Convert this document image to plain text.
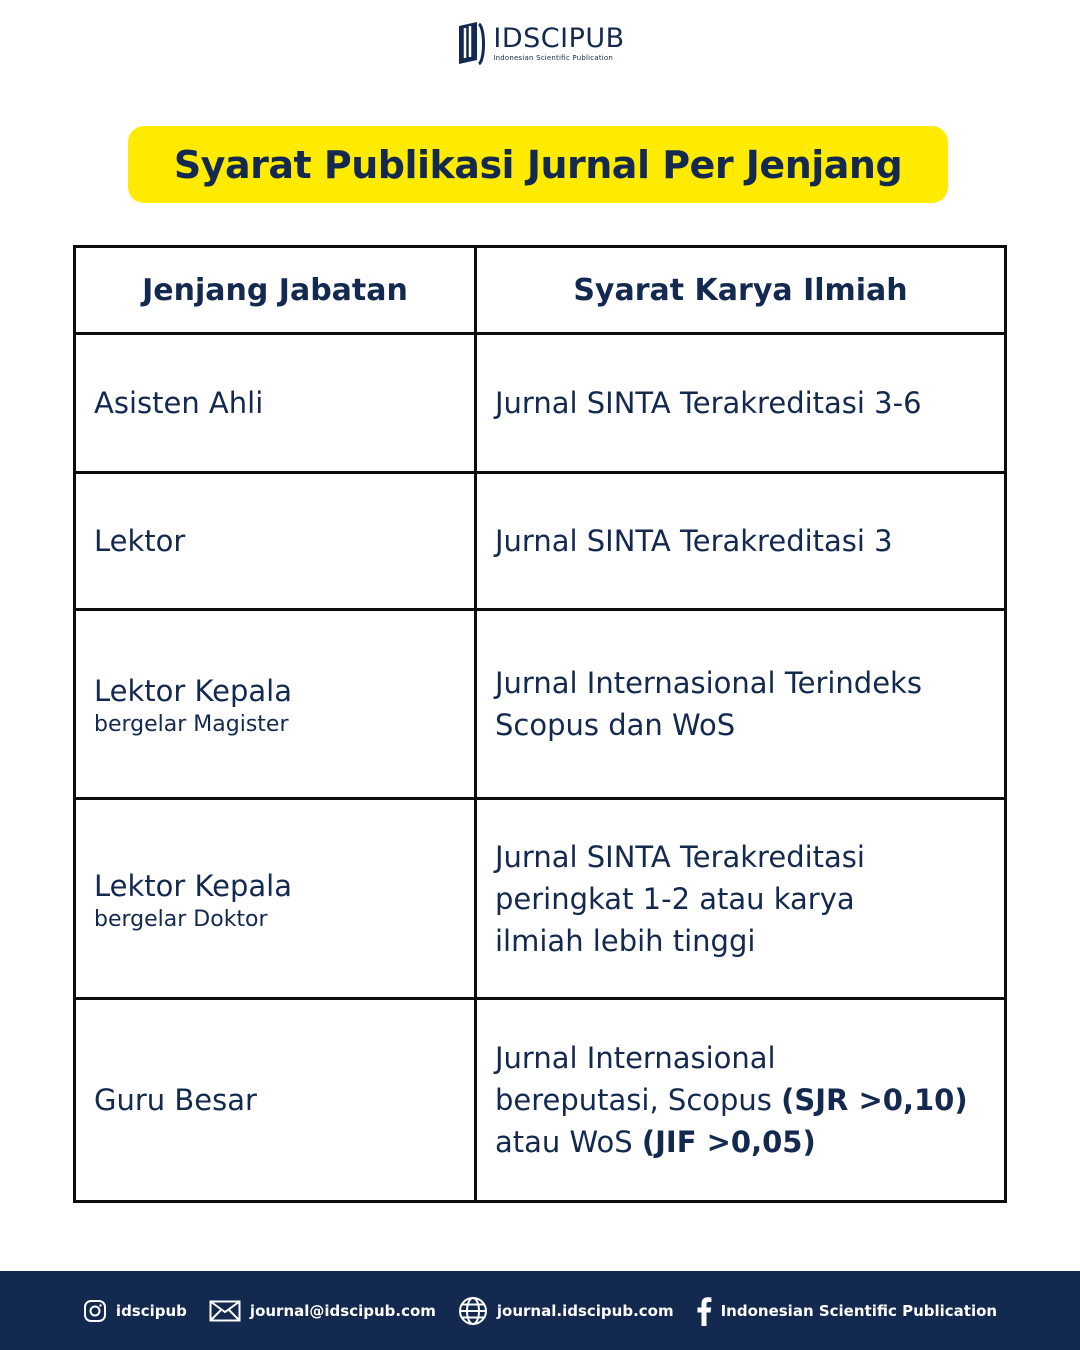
IDSCIPUB
Indonesian Scientific Publication
Syarat Publikasi Jurnal Per Jenjang
Jenjang Jabatan	Syarat Karya Ilmiah
Asisten Ahli	Jurnal SINTA Terakreditasi 3-6
Lektor	Jurnal SINTA Terakreditasi 3
Lektor Kepala
bergelar Magister	Jurnal Internasional Terindeks
Scopus dan WoS
Lektor Kepala
bergelar Doktor	Jurnal SINTA Terakreditasi
peringkat 1-2 atau karya
ilmiah lebih tinggi
Guru Besar	Jurnal Internasional
bereputasi, Scopus (SJR >0,10)
atau WoS (JIF >0,05)
idscipub	journal@idscipub.com	journal.idscipub.com	Indonesian Scientific Publication
